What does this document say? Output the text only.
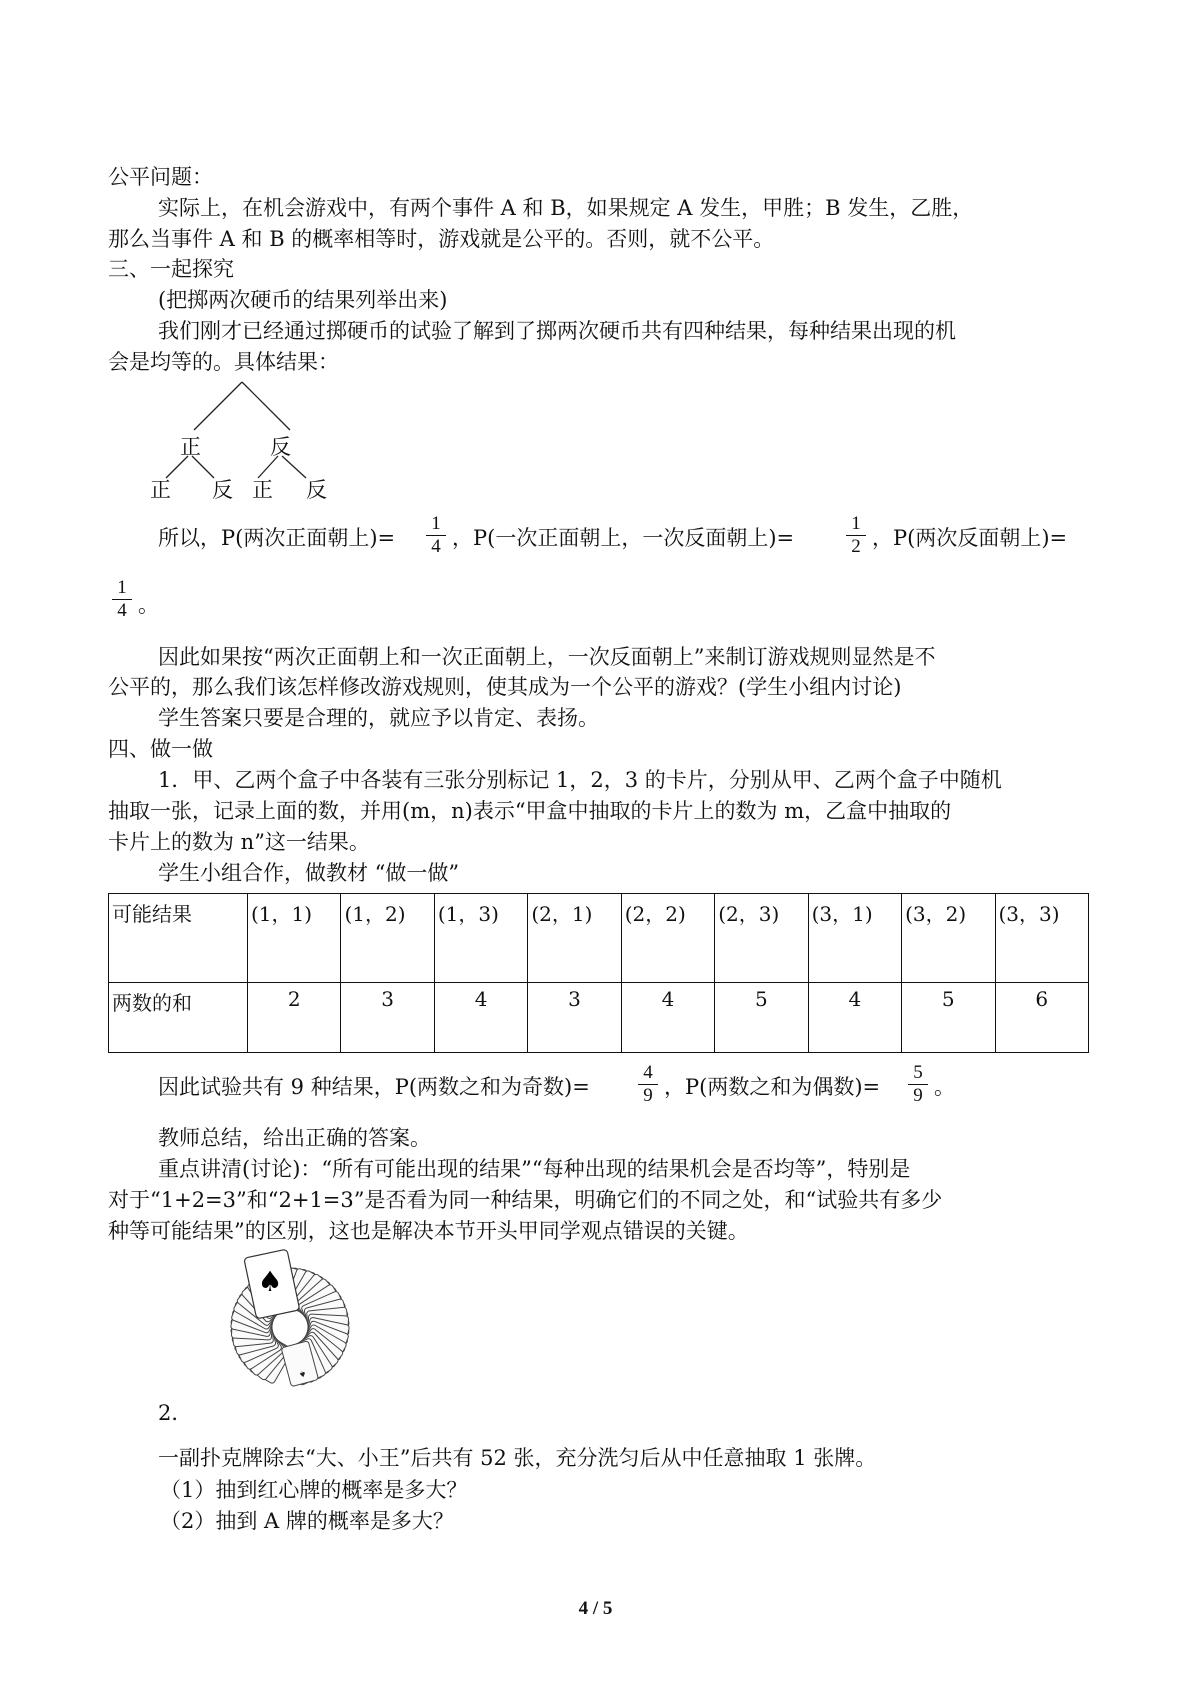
公平问题：
实际上，在机会游戏中，有两个事件 A 和 B，如果规定 A 发生，甲胜；B 发生，乙胜，
那么当事件 A 和 B 的概率相等时，游戏就是公平的。否则，就不公平。
三、一起探究
(把掷两次硬币的结果列举出来)
我们刚才已经通过掷硬币的试验了解到了掷两次硬币共有四种结果，每种结果出现的机
会是均等的。具体结果：
正	反
正 反 正 反
所以，P(两次正面朝上)=
1
4 ，P(一次正面朝上，一次反面朝上)=
1
2 ，P(两次反面朝上)=
1
4 。
因此如果按“两次正面朝上和一次正面朝上，一次反面朝上”来制订游戏规则显然是不
公平的，那么我们该怎样修改游戏规则，使其成为一个公平的游戏？(学生小组内讨论)
学生答案只要是合理的，就应予以肯定、表扬。
四、做一做
1．甲、乙两个盒子中各装有三张分别标记 1，2，3 的卡片，分别从甲、乙两个盒子中随机
抽取一张，记录上面的数，并用(m，n)表示“甲盒中抽取的卡片上的数为 m，乙盒中抽取的
卡片上的数为 n”这一结果。
学生小组合作，做教材 “做一做”
可能结果	(1，1)	(1，2)	(1，3)	(2，1)	(2，2)	(2，3)	(3，1)	(3，2)	(3，3)
两数的和	2	3	4	3	4	5	4	5	6
因此试验共有 9 种结果，P(两数之和为奇数)=
4
9 ，P(两数之和为偶数)=
5
9 。
教师总结，给出正确的答案。
重点讲清(讨论)：“所有可能出现的结果”“每种出现的结果机会是否均等”，特别是
对于“1+2=3”和“2+1=3”是否看为同一种结果，明确它们的不同之处，和“试验共有多少
种等可能结果”的区别，这也是解决本节开头甲同学观点错误的关键。
♠
2．
一副扑克牌除去“大、小王”后共有 52 张，充分洗匀后从中任意抽取 1 张牌。
（1）抽到红心牌的概率是多大？
（2）抽到 A 牌的概率是多大？
4 / 5
